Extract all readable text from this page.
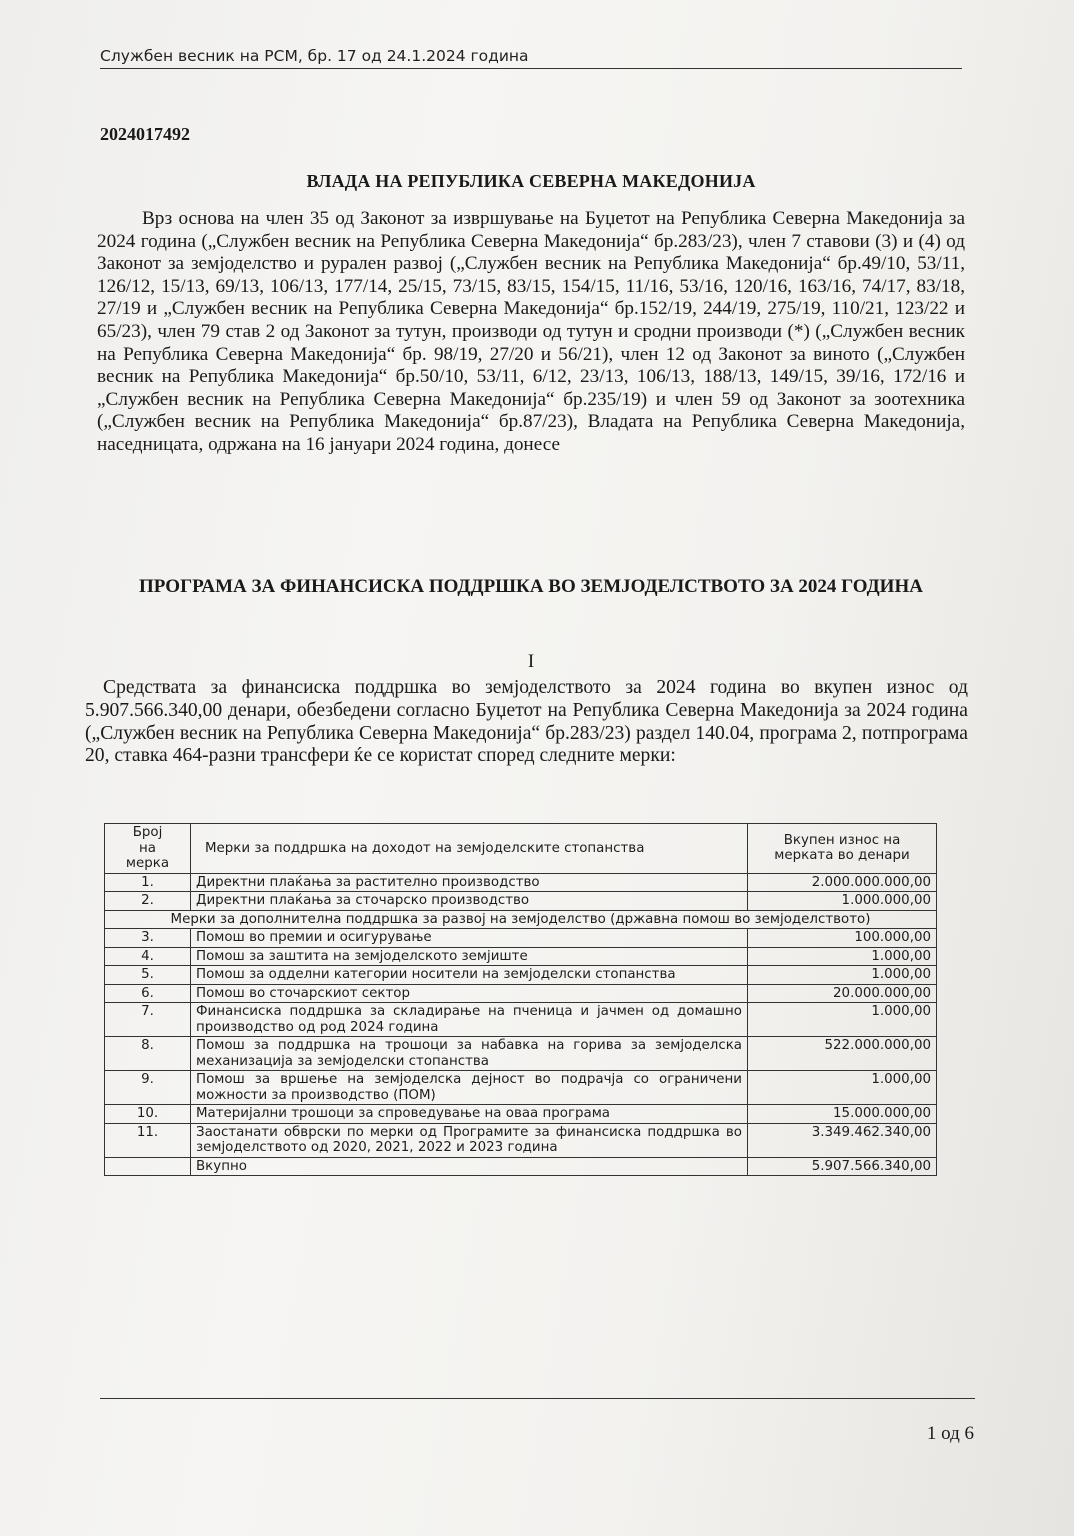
Службен весник на РСМ, бр. 17 од 24.1.2024 година
2024017492
ВЛАДА НА РЕПУБЛИКА СЕВЕРНА МАКЕДОНИЈА

Врз основа на член 35 од Законот за извршување на Буџетот на Република Северна Македонија за 2024 година („Службен весник на Република Северна Македонија“ бр.283/23), член 7 ставови (3) и (4) од Законот за земјоделство и рурален развој („Службен весник на Република Македонија“ бр.49/10, 53/11, 126/12, 15/13, 69/13, 106/13, 177/14, 25/15, 73/15, 83/15, 154/15, 11/16, 53/16, 120/16, 163/16, 74/17, 83/18, 27/19 и „Службен весник на Република Северна Македонија“ бр.152/19, 244/19, 275/19, 110/21, 123/22 и 65/23), член 79 став 2 од Законот за тутун, производи од тутун и сродни производи (*) („Службен весник на Република Северна Македонија“ бр. 98/19, 27/20 и 56/21), член 12 од Законот за виното („Службен весник на Република Македонија“ бр.50/10, 53/11, 6/12, 23/13, 106/13, 188/13, 149/15, 39/16, 172/16 и „Службен весник на Република Северна Македонија“ бр.235/19) и член 59 од Законот за зоотехника („Службен весник на Република Македонија“ бр.87/23), Владата на Република Северна Македонија, наседницата, одржана на 16 јануари 2024 година, донесе

ПРОГРАМА ЗА ФИНАНСИСКА ПОДДРШКА ВО ЗЕМЈОДЕЛСТВОТО ЗА 2024 ГОДИНА
I

Средствата за финансиска поддршка во земјоделството за 2024 година во вкупен износ од 5.907.566.340,00 денари, обезбедени согласно Буџетот на Република Северна Македонија за 2024 година („Службен весник на Република Северна Македонија“ бр.283/23) раздел 140.04, програма 2, потпрограма 20, ставка 464-разни трансфери ќе се користат според следните мерки:

Број
на
мерка	Мерки за поддршка на доходот на земјоделските стопанства	Вкупен износ на мерката во денари
1.	Директни плаќања за растително производство	2.000.000.000,00
2.	Директни плаќања за сточарско производство	1.000.000,00
Мерки за дополнителна поддршка за развој на земјоделство (државна помош во земјоделството)		
3.	Помош во премии и осигурување	100.000,00
4.	Помош за заштита на земјоделското земјиште	1.000,00
5.	Помош за одделни категории носители на земјоделски стопанства	1.000,00
6.	Помош во сточарскиот сектор	20.000.000,00
7.	Финансиска поддршка за складирање на пченица и јачмен од домашно производство од род 2024 година	1.000,00
8.	Помош за поддршка на трошоци за набавка на горива за земјоделска механизација за земјоделски стопанства	522.000.000,00
9.	Помош за вршење на земјоделска дејност во подрачја со ограничени можности за производство (ПОМ)	1.000,00
10.	Материјални трошоци за спроведување на оваа програма	15.000.000,00
11.	Заостанати обврски по мерки од Програмите за финансиска поддршка во земјоделството од 2020, 2021, 2022 и 2023 година	3.349.462.340,00
	Вкупно	5.907.566.340,00
1 од 6
